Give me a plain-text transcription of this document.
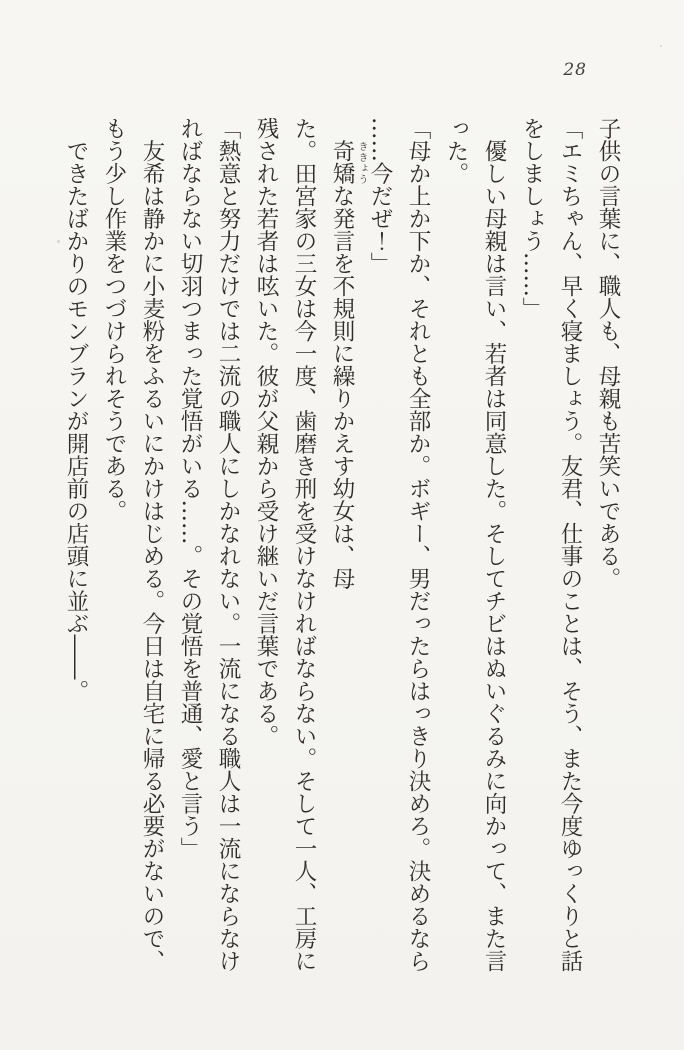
28
子供の言葉に、職人も、母親も苦笑いである。
「エミちゃん、早く寝ましょう。友君、仕事のことは、そう、また今度ゆっくりと話
をしましょう……」
　優しい母親は言い、若者は同意した。そしてチビはぬいぐるみに向かって、また言
った。
「母か上か下か、それとも全部か。ボギー、男だったらはっきり決めろ。決めるなら
……今だぜ！」
　奇矯な発言を不規則に繰りかえす幼女は、母 ききょう
た。田宮家の三女は今一度、歯磨き刑を受けなければならない。そして一人、工房に
残された若者は呟いた。彼が父親から受け継いだ言葉である。
「熱意と努力だけでは二流の職人にしかなれない。一流になる職人は一流にならなけ
ればならない切羽つまった覚悟がいる……。その覚悟を普通、愛と言う」
　友希は静かに小麦粉をふるいにかけはじめる。今日は自宅に帰る必要がないので、
もう少し作業をつづけられそうである。
　できたばかりのモンブランが開店前の店頭に並ぶ――。
